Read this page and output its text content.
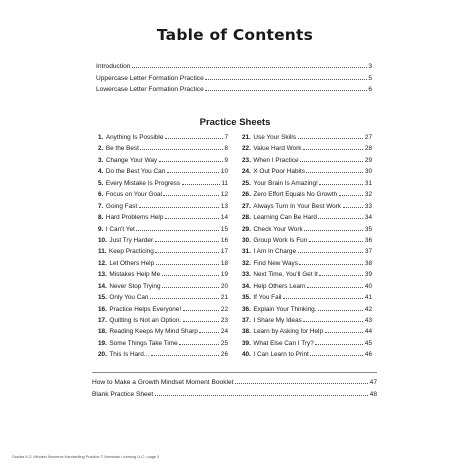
Table of Contents
Introduction	3
Uppercase Letter Formation Practice	5
Lowercase Letter Formation Practice	6
Practice Sheets
1. Anything Is Possible	7
2. Be the Best	8
3. Change Your Way	9
4. Do the Best You Can	10
5. Every Mistake Is Progress	11
6. Focus on Your Goal	12
7. Going Fast	13
8. Hard Problems Help	14
9. I Can't Yet	15
10. Just Try Harder	16
11. Keep Practicing	17
12. Let Others Help	18
13. Mistakes Help Me	19
14. Never Stop Trying	20
15. Only You Can	21
16. Practice Helps Everyone!	22
17. Quitting Is Not an Option.	23
18. Reading Keeps My Mind Sharp	24
19. Some Things Take Time	25
20. This Is Hard...	26
21. Use Your Skills	27
22. Value Hard Work	28
23. When I Practice	29
24. X Out Poor Habits	30
25. Your Brain Is Amazing!	31
26. Zero Effort Equals No Growth	32
27. Always Turn In Your Best Work	33
28. Learning Can Be Hard	34
29. Check Your Work	35
30. Group Work Is Fun	36
31. I Am In Charge	37
32. Find New Ways	38
33. Next Time, You'll Get It	39
34. Help Others Learn	40
35. If You Fail	41
36. Explain Your Thinking.	42
37. I Share My Ideas	43
38. Learn by Asking for Help	44
39. What Else Can I Try?	45
40. I Can Learn to Print	46
How to Make a Growth Mindset Moment Booklet	47
Blank Practice Sheet	48
Grades K-2: Mindset Moments Handwriting Practice © Newmark Learning LLC • page 2
